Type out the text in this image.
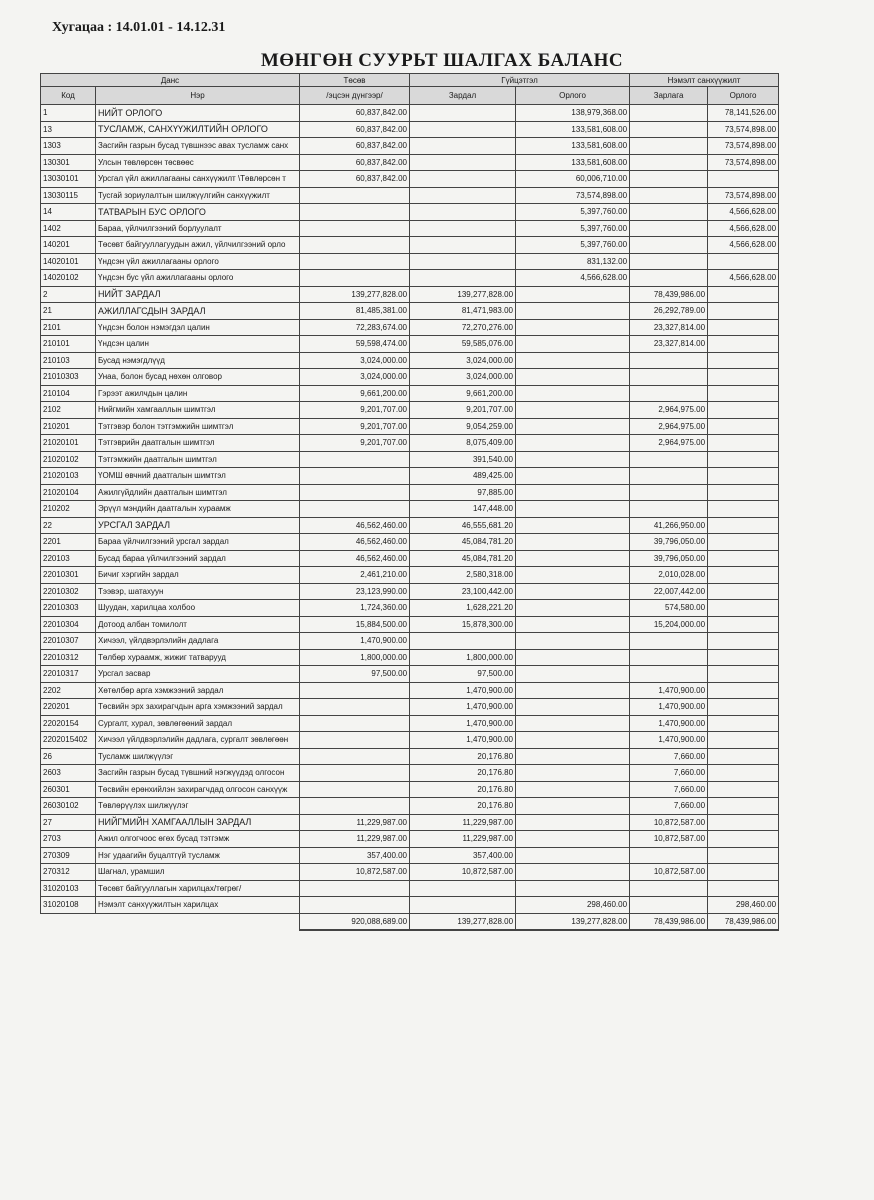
Хугацаа : 14.01.01 - 14.12.31
МӨНГӨН СУУРЬТ ШАЛГАХ БАЛАНС
Данс		Төсөв	Гүйцэтгэл		Нэмэлт санхүүжилт	
Код	Нэр	/эцсэн дүнгээр/	Зардал	Орлого	Зарлага	Орлого
1	НИЙТ ОРЛОГО	60,837,842.00		138,979,368.00		78,141,526.00
13	ТУСЛАМЖ, САНХҮҮЖИЛТИЙН ОРЛОГО	60,837,842.00		133,581,608.00		73,574,898.00
1303	Засгийн газрын бусад түвшнээс авах тусламж санх	60,837,842.00		133,581,608.00		73,574,898.00
130301	Улсын төвлөрсөн төсвөөс	60,837,842.00		133,581,608.00		73,574,898.00
13030101	Урсгал үйл ажиллагааны санхүүжилт \Төвлөрсөн т	60,837,842.00		60,006,710.00		
13030115	Тусгай зориулалтын шилжүүлгийн санхүүжилт			73,574,898.00		73,574,898.00
14	ТАТВАРЫН БУС ОРЛОГО			5,397,760.00		4,566,628.00
1402	Бараа, үйлчилгээний борлуулалт			5,397,760.00		4,566,628.00
140201	Төсөвт байгууллагуудын ажил, үйлчилгээний орло			5,397,760.00		4,566,628.00
14020101	Үндсэн үйл ажиллагааны орлого			831,132.00		
14020102	Үндсэн бус үйл ажиллагааны орлого			4,566,628.00		4,566,628.00
2	НИЙТ ЗАРДАЛ	139,277,828.00	139,277,828.00		78,439,986.00	
21	АЖИЛЛАГСДЫН ЗАРДАЛ	81,485,381.00	81,471,983.00		26,292,789.00	
2101	Үндсэн болон нэмэгдэл цалин	72,283,674.00	72,270,276.00		23,327,814.00	
210101	Үндсэн цалин	59,598,474.00	59,585,076.00		23,327,814.00	
210103	Бусад нэмэгдлүүд	3,024,000.00	3,024,000.00			
21010303	Унаа, болон бусад нөхөн олговор	3,024,000.00	3,024,000.00			
210104	Гэрээт ажилчдын цалин	9,661,200.00	9,661,200.00			
2102	Нийгмийн хамгааллын шимтгэл	9,201,707.00	9,201,707.00		2,964,975.00	
210201	Тэтгэвэр болон тэтгэмжийн шимтгэл	9,201,707.00	9,054,259.00		2,964,975.00	
21020101	Тэтгэврийн даатгалын шимтгэл	9,201,707.00	8,075,409.00		2,964,975.00	
21020102	Тэтгэмжийн даатгалын шимтгэл		391,540.00			
21020103	ҮОМШ өвчний даатгалын шимтгэл		489,425.00			
21020104	Ажилгүйдлийн даатгалын шимтгэл		97,885.00			
210202	Эрүүл мэндийн даатгалын хураамж		147,448.00			
22	УРСГАЛ ЗАРДАЛ	46,562,460.00	46,555,681.20		41,266,950.00	
2201	Бараа үйлчилгээний урсгал зардал	46,562,460.00	45,084,781.20		39,796,050.00	
220103	Бусад бараа үйлчилгээний зардал	46,562,460.00	45,084,781.20		39,796,050.00	
22010301	Бичиг хэргийн зардал	2,461,210.00	2,580,318.00		2,010,028.00	
22010302	Тээвэр, шатахуун	23,123,990.00	23,100,442.00		22,007,442.00	
22010303	Шуудан, харилцаа холбоо	1,724,360.00	1,628,221.20		574,580.00	
22010304	Дотоод албан томилолт	15,884,500.00	15,878,300.00		15,204,000.00	
22010307	Хичээл, үйлдвэрлэлийн дадлага	1,470,900.00				
22010312	Төлбөр хураамж, жижиг татварууд	1,800,000.00	1,800,000.00			
22010317	Урсгал засвар	97,500.00	97,500.00			
2202	Хөтөлбөр арга хэмжээний зардал		1,470,900.00		1,470,900.00	
220201	Төсвийн эрх захирагчдын арга хэмжээний зардал		1,470,900.00		1,470,900.00	
22020154	Сургалт, хурал, зөвлөгөөний зардал		1,470,900.00		1,470,900.00	
2202015402	Хичээл үйлдвэрлэлийн дадлага, сургалт зөвлөгөөн		1,470,900.00		1,470,900.00	
26	Тусламж шилжүүлэг		20,176.80		7,660.00	
2603	Засгийн газрын бусад түвшний нэгжүүдэд олгосон		20,176.80		7,660.00	
260301	Төсвийн ерөнхийлэн захирагчдад олгосон санхүүж		20,176.80		7,660.00	
26030102	Төвлөрүүлэх шилжүүлэг		20,176.80		7,660.00	
27	НИЙГМИЙН ХАМГААЛЛЫН ЗАРДАЛ	11,229,987.00	11,229,987.00		10,872,587.00	
2703	Ажил олгогчоос өгөх бусад тэтгэмж	11,229,987.00	11,229,987.00		10,872,587.00	
270309	Нэг удаагийн буцалтгүй тусламж	357,400.00	357,400.00			
270312	Шагнал, урамшил	10,872,587.00	10,872,587.00		10,872,587.00	
31020103	Төсөвт байгууллагын харилцах/төгрөг/					
31020108	Нэмэлт санхүүжилтын харилцах			298,460.00		298,460.00
		920,088,689.00	139,277,828.00	139,277,828.00	78,439,986.00	78,439,986.00
